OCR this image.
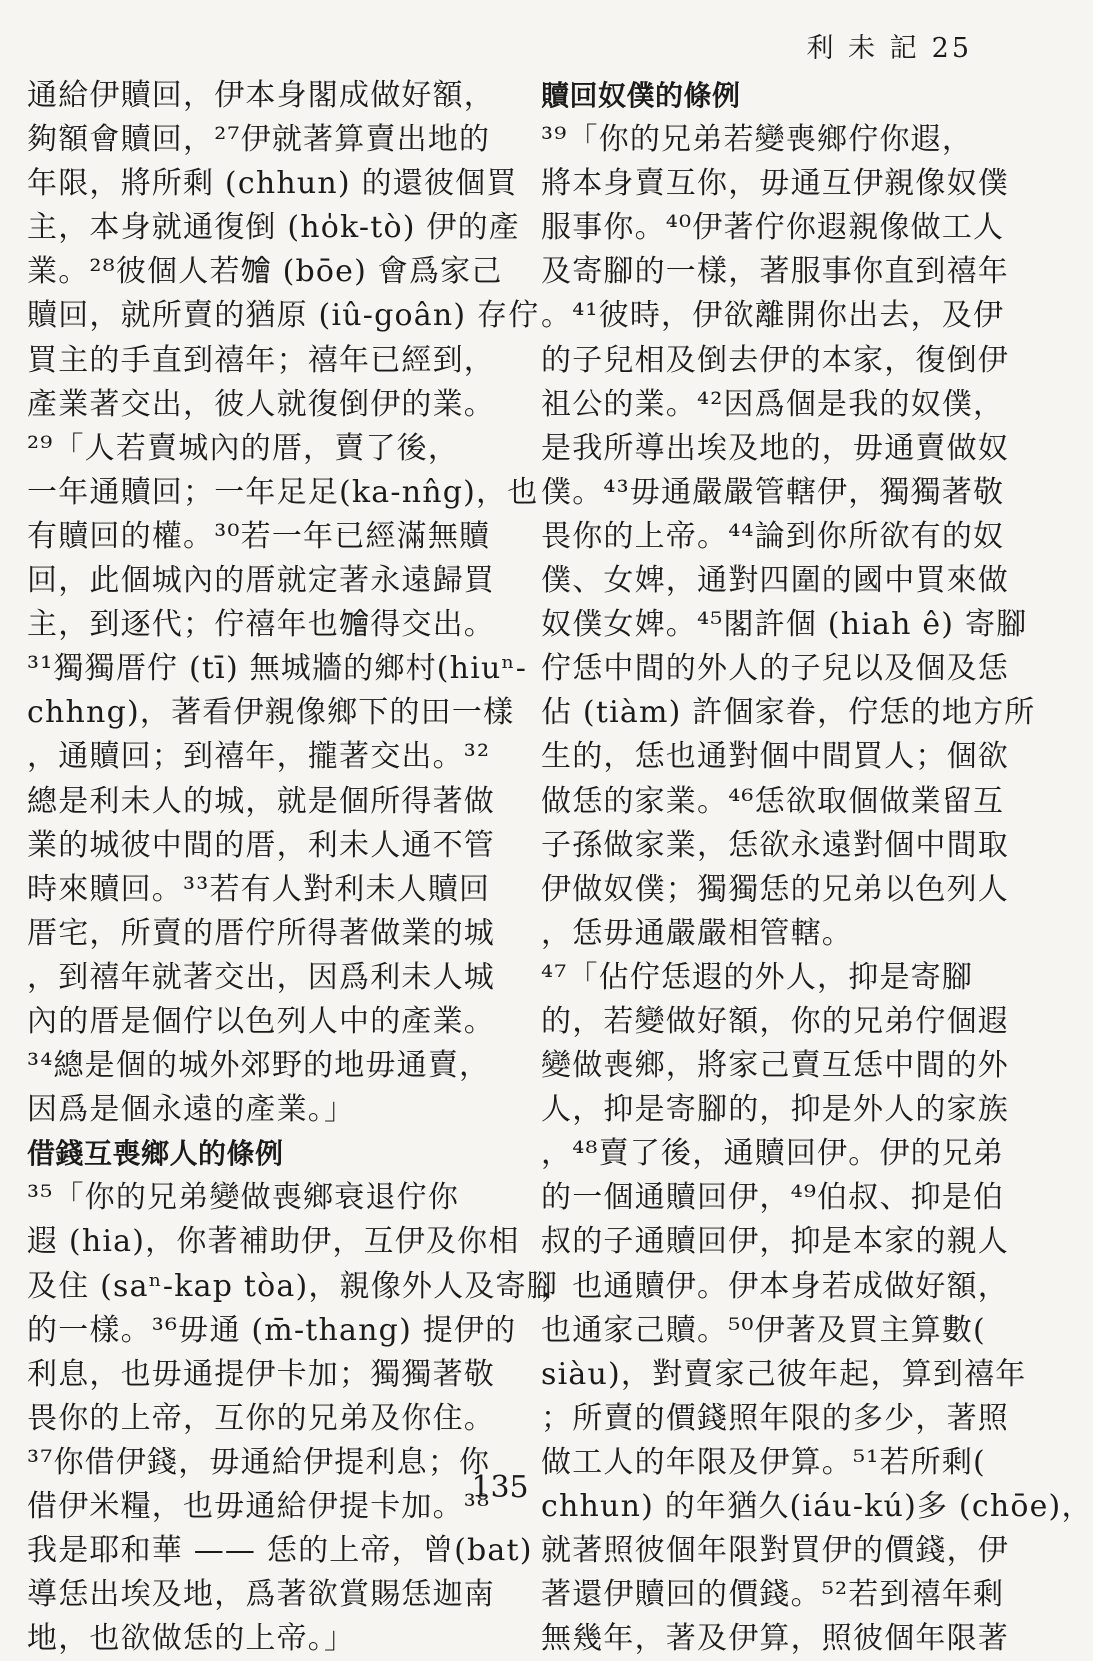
利 未 記 25
通給伊贖回，伊本身閣成做好額，
夠額會贖回，²⁷伊就著算賣出地的
年限，將所剩 (chhun) 的還彼個買
主，本身就通復倒 (ho̍k-tò) 伊的產
業。²⁸彼個人若𣍐 (bōe) 會爲家己
贖回，就所賣的猶原 (iû-goân) 存佇
買主的手直到禧年；禧年已經到，
產業著交出，彼人就復倒伊的業。
²⁹「人若賣城內的厝，賣了後，
一年通贖回；一年足足(ka-nn̂g)，也
有贖回的權。³⁰若一年已經滿無贖
回，此個城內的厝就定著永遠歸買
主，到逐代；佇禧年也𣍐得交出。
³¹獨獨厝佇 (tī) 無城牆的鄉村(hiuⁿ-
chhng)，著看伊親像鄉下的田一樣
，通贖回；到禧年，攏著交出。³²
總是利未人的城，就是個所得著做
業的城彼中間的厝，利未人通不管
時來贖回。³³若有人對利未人贖回
厝宅，所賣的厝佇所得著做業的城
，到禧年就著交出，因爲利未人城
內的厝是個佇以色列人中的產業。
³⁴總是個的城外郊野的地毋通賣，
因爲是個永遠的產業。」
借錢互喪鄉人的條例
³⁵「你的兄弟變做喪鄉衰退佇你
遐 (hia)，你著補助伊，互伊及你相
及住 (saⁿ-kap tòa)，親像外人及寄腳
的一樣。³⁶毋通 (m̄-thang) 提伊的
利息，也毋通提伊卡加；獨獨著敬
畏你的上帝，互你的兄弟及你住。
³⁷你借伊錢，毋通給伊提利息；你
借伊米糧，也毋通給伊提卡加。³⁸
我是耶和華 —— 恁的上帝，曾(bat)
導恁出埃及地，爲著欲賞賜恁迦南
地，也欲做恁的上帝。」
贖回奴僕的條例
³⁹「你的兄弟若變喪鄉佇你遐，
將本身賣互你，毋通互伊親像奴僕
服事你。⁴⁰伊著佇你遐親像做工人
及寄腳的一樣，著服事你直到禧年
。⁴¹彼時，伊欲離開你出去，及伊
的子兒相及倒去伊的本家，復倒伊
祖公的業。⁴²因爲個是我的奴僕，
是我所導出埃及地的，毋通賣做奴
僕。⁴³毋通嚴嚴管轄伊，獨獨著敬
畏你的上帝。⁴⁴論到你所欲有的奴
僕、女婢，通對四圍的國中買來做
奴僕女婢。⁴⁵閣許個 (hiah ê) 寄腳
佇恁中間的外人的子兒以及個及恁
佔 (tiàm) 許個家眷，佇恁的地方所
生的，恁也通對個中間買人；個欲
做恁的家業。⁴⁶恁欲取個做業留互
子孫做家業，恁欲永遠對個中間取
伊做奴僕；獨獨恁的兄弟以色列人
，恁毋通嚴嚴相管轄。
⁴⁷「佔佇恁遐的外人，抑是寄腳
的，若變做好額，你的兄弟佇個遐
變做喪鄉，將家己賣互恁中間的外
人，抑是寄腳的，抑是外人的家族
，⁴⁸賣了後，通贖回伊。伊的兄弟
的一個通贖回伊，⁴⁹伯叔、抑是伯
叔的子通贖回伊，抑是本家的親人
，也通贖伊。伊本身若成做好額，
也通家己贖。⁵⁰伊著及買主算數(
siàu)，對賣家己彼年起，算到禧年
；所賣的價錢照年限的多少，著照
做工人的年限及伊算。⁵¹若所剩(
chhun) 的年猶久(iáu-kú)多 (chōe)，
就著照彼個年限對買伊的價錢，伊
著還伊贖回的價錢。⁵²若到禧年剩
無幾年，著及伊算，照彼個年限著
135
